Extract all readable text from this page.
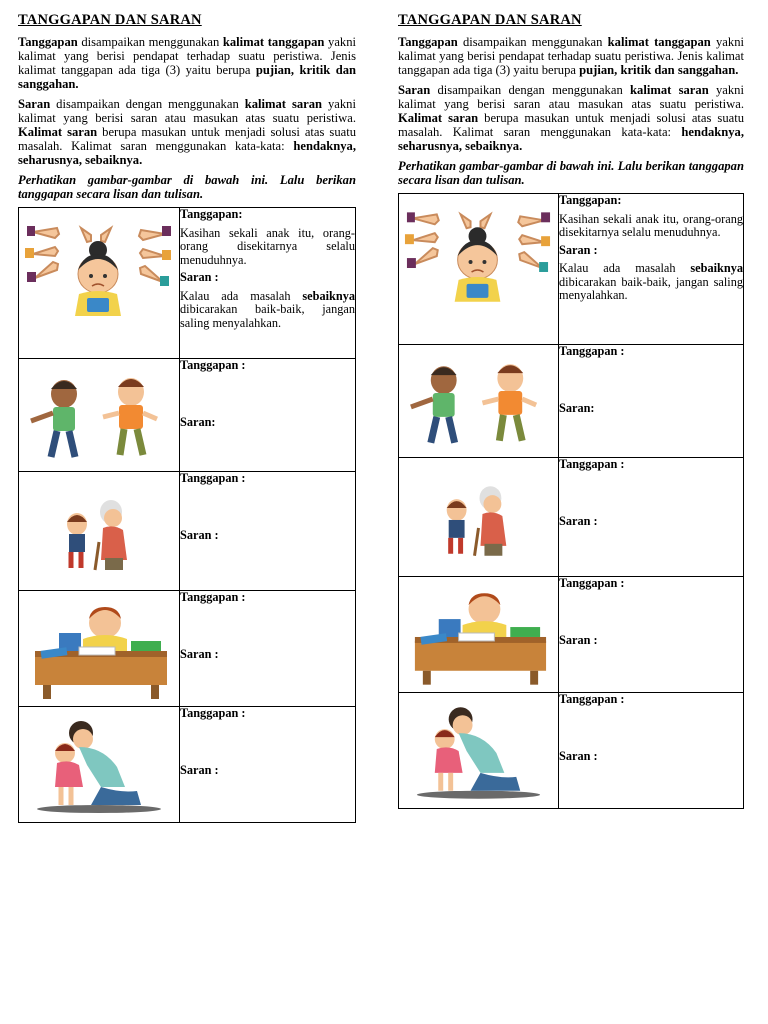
TANGGAPAN DAN SARAN

Tanggapan disampaikan menggunakan kalimat tanggapan yakni kalimat yang berisi pendapat terhadap suatu peristiwa. Jenis kalimat tanggapan ada tiga (3) yaitu berupa pujian, kritik dan sanggahan.

Saran disampaikan dengan menggunakan kalimat saran yakni kalimat yang berisi saran atau masukan atas suatu peristiwa. Kalimat saran berupa masukan untuk menjadi solusi atas suatu masalah. Kalimat saran menggunakan kata-kata: hendaknya, seharusnya, sebaiknya.

Perhatikan gambar-gambar di bawah ini. Lalu berikan tanggapan secara lisan dan tulisan.

Tanggapan:
Kasihan sekali anak itu, orang-orang disekitarnya selalu menuduhnya.
Saran :
Kalau ada masalah sebaiknya dibicarakan baik-baik, jangan saling menyalahkan.

Tanggapan :
Saran:

Tanggapan :
Saran :

Tanggapan :
Saran :

Tanggapan :
Saran :
TANGGAPAN DAN SARAN

Tanggapan disampaikan menggunakan kalimat tanggapan yakni kalimat yang berisi pendapat terhadap suatu peristiwa. Jenis kalimat tanggapan ada tiga (3) yaitu berupa pujian, kritik dan sanggahan.

Saran disampaikan dengan menggunakan kalimat saran yakni kalimat yang berisi saran atau masukan atas suatu peristiwa. Kalimat saran berupa masukan untuk menjadi solusi atas suatu masalah. Kalimat saran menggunakan kata-kata: hendaknya, seharusnya, sebaiknya.

Perhatikan gambar-gambar di bawah ini. Lalu berikan tanggapan secara lisan dan tulisan.

Tanggapan:
Kasihan sekali anak itu, orang-orang disekitarnya selalu menuduhnya.
Saran :
Kalau ada masalah sebaiknya dibicarakan baik-baik, jangan saling menyalahkan.

Tanggapan :
Saran:

Tanggapan :
Saran :

Tanggapan :
Saran :

Tanggapan :
Saran :
